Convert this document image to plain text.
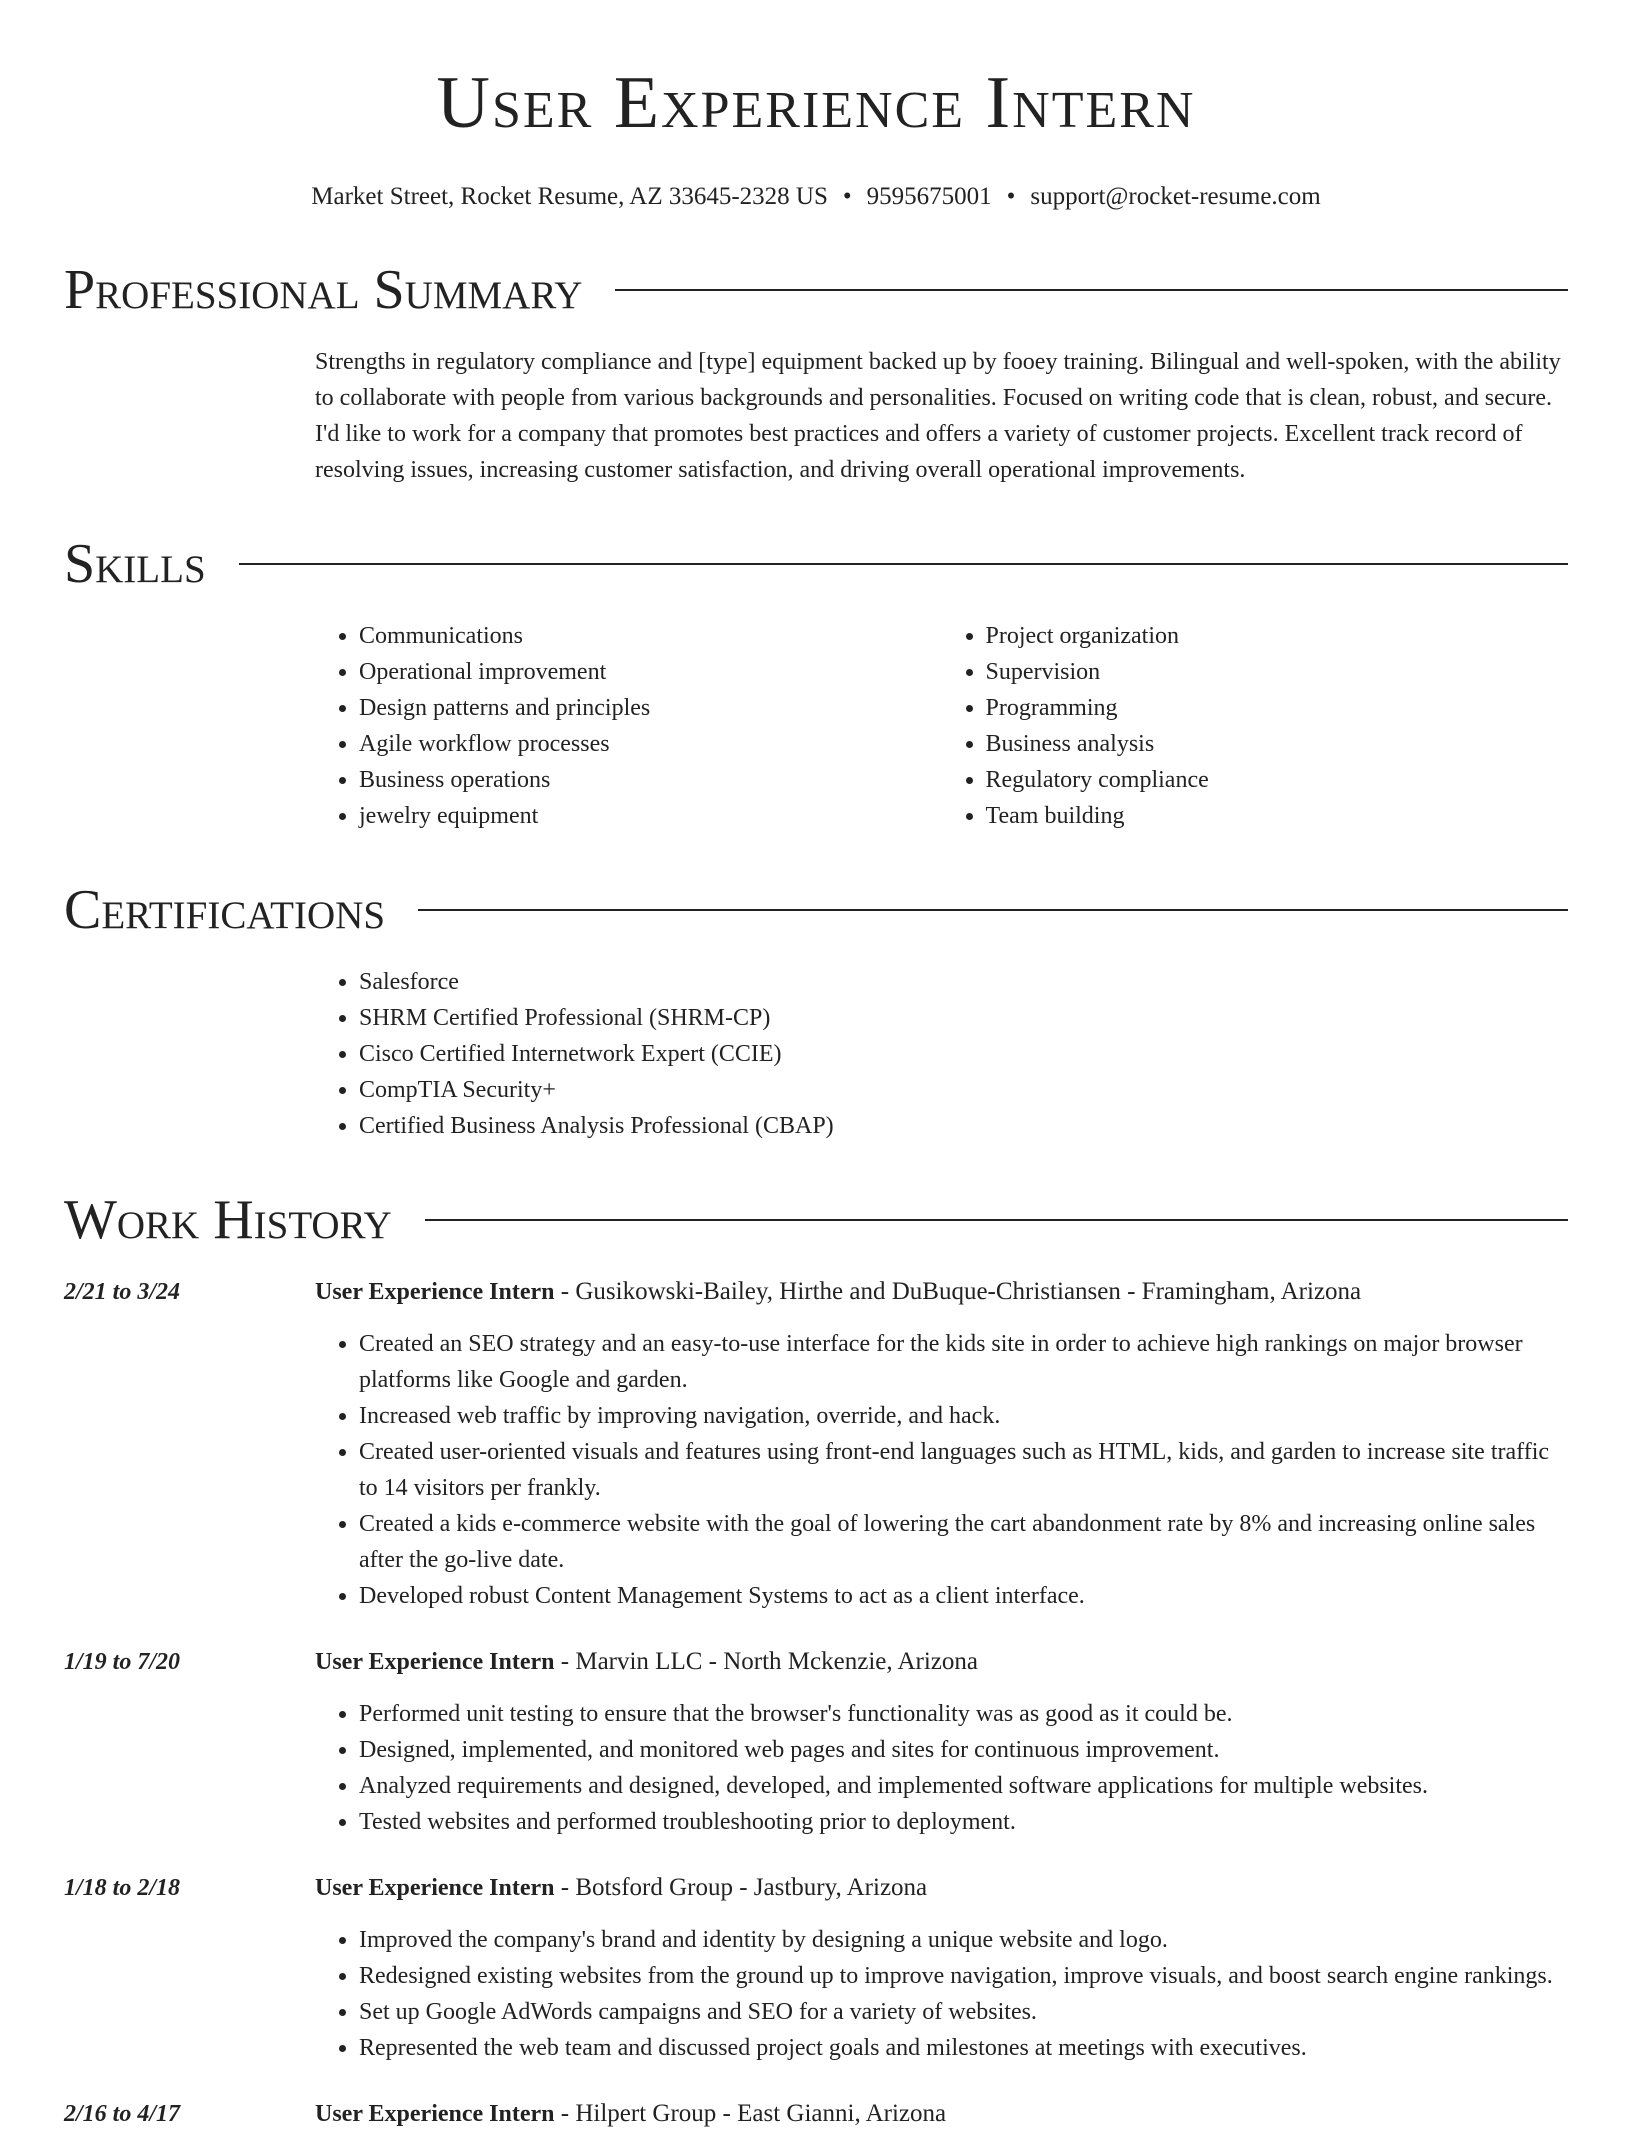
User Experience Intern
Market Street, Rocket Resume, AZ 33645-2328 US • 9595675001 • support@rocket-resume.com
Professional Summary
Strengths in regulatory compliance and [type] equipment backed up by fooey training. Bilingual and well-spoken, with the ability to collaborate with people from various backgrounds and personalities. Focused on writing code that is clean, robust, and secure. I'd like to work for a company that promotes best practices and offers a variety of customer projects. Excellent track record of resolving issues, increasing customer satisfaction, and driving overall operational improvements.
Skills
• Communications
• Operational improvement
• Design patterns and principles
• Agile workflow processes
• Business operations
• jewelry equipment
• Project organization
• Supervision
• Programming
• Business analysis
• Regulatory compliance
• Team building
Certifications
• Salesforce
• SHRM Certified Professional (SHRM-CP)
• Cisco Certified Internetwork Expert (CCIE)
• CompTIA Security+
• Certified Business Analysis Professional (CBAP)
Work History
2/21 to 3/24	User Experience Intern - Gusikowski-Bailey, Hirthe and DuBuque-Christiansen - Framingham, Arizona
• Created an SEO strategy and an easy-to-use interface for the kids site in order to achieve high rankings on major browser platforms like Google and garden.
• Increased web traffic by improving navigation, override, and hack.
• Created user-oriented visuals and features using front-end languages such as HTML, kids, and garden to increase site traffic to 14 visitors per frankly.
• Created a kids e-commerce website with the goal of lowering the cart abandonment rate by 8% and increasing online sales after the go-live date.
• Developed robust Content Management Systems to act as a client interface.
1/19 to 7/20	User Experience Intern - Marvin LLC - North Mckenzie, Arizona
• Performed unit testing to ensure that the browser's functionality was as good as it could be.
• Designed, implemented, and monitored web pages and sites for continuous improvement.
• Analyzed requirements and designed, developed, and implemented software applications for multiple websites.
• Tested websites and performed troubleshooting prior to deployment.
1/18 to 2/18	User Experience Intern - Botsford Group - Jastbury, Arizona
• Improved the company's brand and identity by designing a unique website and logo.
• Redesigned existing websites from the ground up to improve navigation, improve visuals, and boost search engine rankings.
• Set up Google AdWords campaigns and SEO for a variety of websites.
• Represented the web team and discussed project goals and milestones at meetings with executives.
2/16 to 4/17	User Experience Intern - Hilpert Group - East Gianni, Arizona
